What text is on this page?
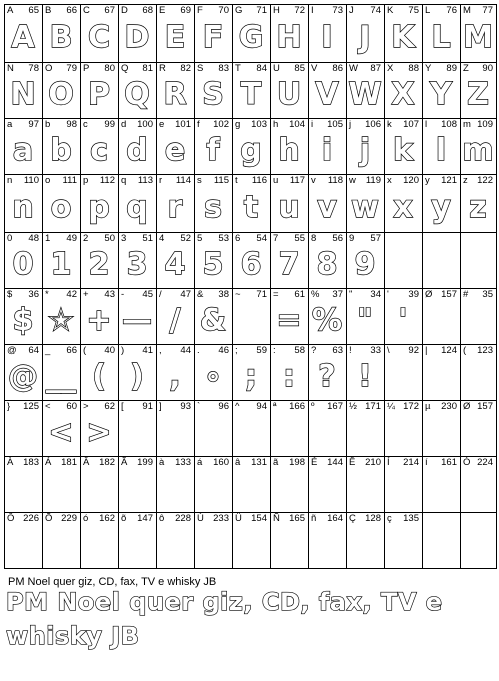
A 65
A
B 66
B
C 67
C
D 68
D
E 69
E
F 70
F
G 71
G
H 72
H
I 73
I
J 74
J
K 75
K
L 76
L
M 77
M
N 78
N
O 79
O
P 80
P
Q 81
Q
R 82
R
S 83
S
T 84
T
U 85
U
V 86
V
W 87
W
X 88
X
Y 89
Y
Z 90
Z
a 97
a
b 98
b
c 99
c
d 100
d
e 101
e
f 102
f
g 103
g
h 104
h
i 105
i
j 106
j
k 107
k
l 108
l
m 109
m
n 110
n
o 111
o
p 112
p
q 113
q
r 114
r
s 115
s
t 116
t
u 117
u
v 118
v
w 119
w
x 120
x
y 121
y
z 122
z
0 48
0
1 49
1
2 50
2
3 51
3
4 52
4
5 53
5
6 54
6
7 55
7
8 56
8
9 57
9
$ 36
$
* 42
☆
+ 43
+
- 45
—
/ 47
/
& 38
&
~ 71 = 61
=
% 37
%
" 34
"
' 39
'
Ø 157 # 35
@ 64
@
_ 66
__
( 40
(
) 41
)
, 44
,
. 46
∘
; 59
;
: 58
:
? 63
?
! 33
!
\ 92 | 124 ( 123
} 125 < 60
<
> 62
>
[ 91 ] 93 ` 96 ^ 94 ª 166 º 167 ½ 171 ¼ 172 µ 230 Ø 157
À 183 Á 181 Â 182 Ã 199 à 133 á 160 â 131 ã 198 É 144 Ê 210 Í 214 í 161 Ó 224
Ô 226 Õ 229 ó 162 õ 147 ô 228 Ú 233 Ü 154 Ñ 165 ñ 164 Ç 128 ç 135
PM Noel quer giz, CD, fax, TV e whisky JB
PM Noel quer giz, CD, fax, TV e
whisky JB
